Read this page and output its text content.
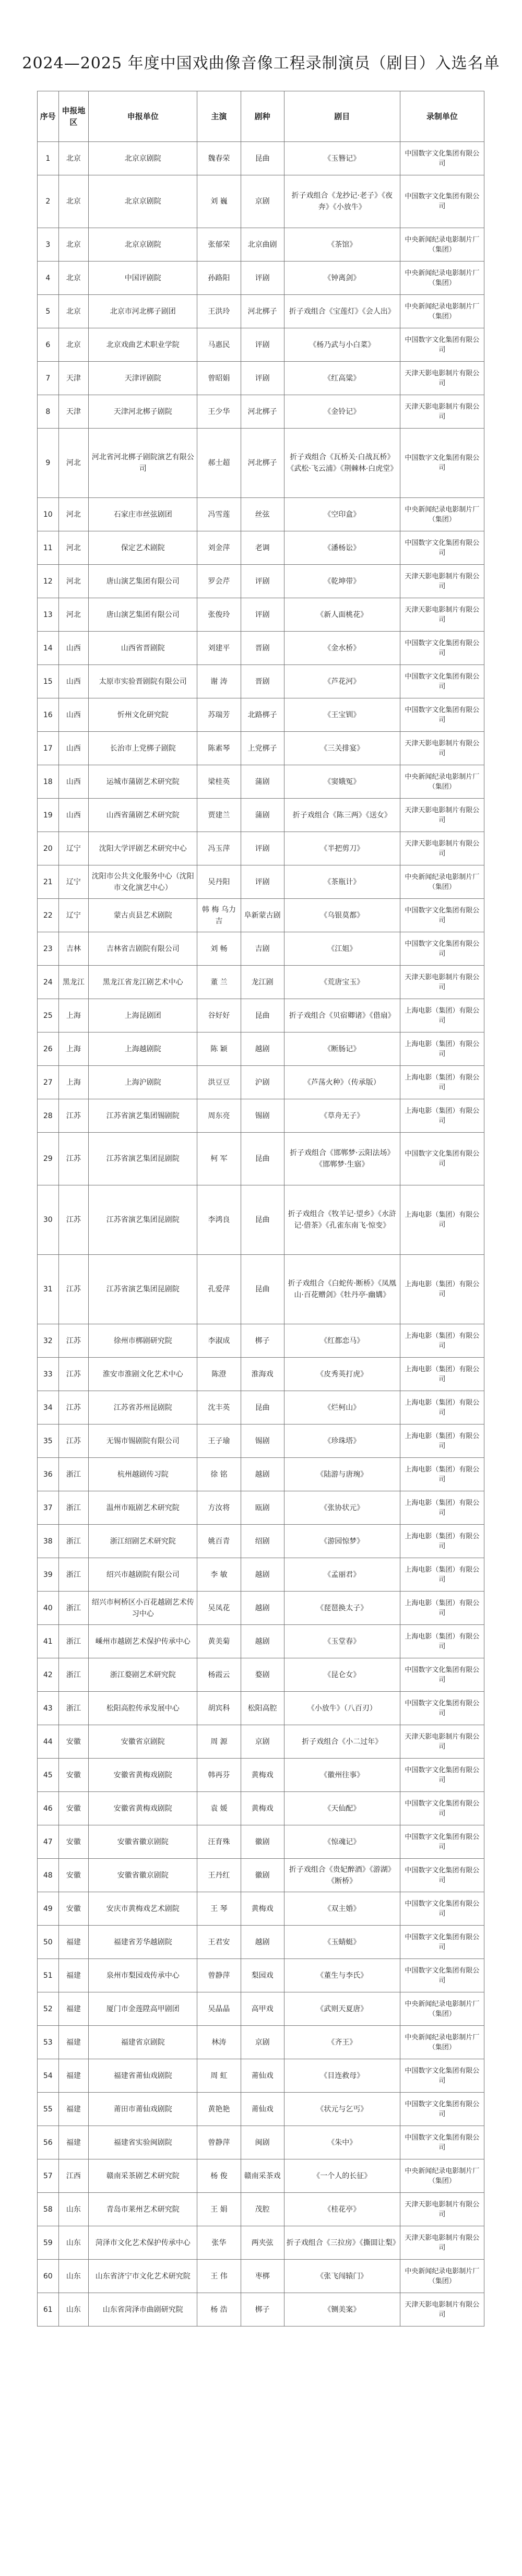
2024—2025 年度中国戏曲像音像工程录制演员（剧目）入选名单
序号	申报地区	申报单位	主演	剧种	剧目	录制单位
1	北京	北京京剧院	魏春荣	昆曲	《玉簪记》	中国数字文化集团有限公司
2	北京	北京京剧院	刘 巍	京剧	折子戏组合《龙抄记·老子》《夜奔》《小放牛》	中国数字文化集团有限公司
3	北京	北京京剧院	张郁荣	北京曲剧	《茶馆》	中央新闻纪录电影制片厂（集团）
4	北京	中国评剧院	孙路阳	评剧	《钟离剑》	中央新闻纪录电影制片厂（集团）
5	北京	北京市河北梆子剧团	王洪玲	河北梆子	折子戏组合《宝莲灯》《会人出》	中央新闻纪录电影制片厂（集团）
6	北京	北京戏曲艺术职业学院	马惠民	评剧	《杨乃武与小白菜》	中国数字文化集团有限公司
7	天津	天津评剧院	曾昭娟	评剧	《红高粱》	天津天影电影制片有限公司
8	天津	天津河北梆子剧院	王少华	河北梆子	《金铃记》	天津天影电影制片有限公司
9	河北	河北省河北梆子剧院演艺有限公司	郝士超	河北梆子	折子戏组合《瓦桥关·白战瓦桥》《武松·飞云浦》《荆棘林·白虎堂》	中国数字文化集团有限公司
10	河北	石家庄市丝弦剧团	冯雪莲	丝弦	《空印盒》	中央新闻纪录电影制片厂（集团）
11	河北	保定艺术剧院	刘金萍	老调	《潘杨讼》	中国数字文化集团有限公司
12	河北	唐山演艺集团有限公司	罗会芹	评剧	《乾坤带》	天津天影电影制片有限公司
13	河北	唐山演艺集团有限公司	张俊玲	评剧	《新人面桃花》	天津天影电影制片有限公司
14	山西	山西省晋剧院	刘建平	晋剧	《金水桥》	中国数字文化集团有限公司
15	山西	太原市实验晋剧院有限公司	谢 涛	晋剧	《芦花河》	中国数字文化集团有限公司
16	山西	忻州文化研究院	苏瑞芳	北路梆子	《王宝钏》	中国数字文化集团有限公司
17	山西	长治市上党梆子剧院	陈素琴	上党梆子	《三关排宴》	天津天影电影制片有限公司
18	山西	运城市蒲剧艺术研究院	梁桂英	蒲剧	《窦娥冤》	中央新闻纪录电影制片厂（集团）
19	山西	山西省蒲剧艺术研究院	贾建兰	蒲剧	折子戏组合《陈三两》《送女》	天津天影电影制片有限公司
20	辽宁	沈阳大学评剧艺术研究中心	冯玉萍	评剧	《半把剪刀》	天津天影电影制片有限公司
21	辽宁	沈阳市公共文化服务中心（沈阳市文化演艺中心）	吴丹阳	评剧	《茶瓶计》	中央新闻纪录电影制片厂（集团）
22	辽宁	蒙古贞县艺术剧院	韩 梅 乌力吉	阜新蒙古剧	《乌银莫都》	中国数字文化集团有限公司
23	吉林	吉林省吉剧院有限公司	刘 畅	吉剧	《江姐》	中国数字文化集团有限公司
24	黑龙江	黑龙江省龙江剧艺术中心	董 兰	龙江剧	《荒唐宝玉》	天津天影电影制片有限公司
25	上海	上海昆剧团	谷好好	昆曲	折子戏组合《贝宿卿诸》《借扇》	上海电影（集团）有限公司
26	上海	上海越剧院	陈 颖	越剧	《断肠记》	上海电影（集团）有限公司
27	上海	上海沪剧院	洪豆豆	沪剧	《芦荡火种》（传承版）	上海电影（集团）有限公司
28	江苏	江苏省演艺集团锡剧院	周东亮	锡剧	《草舟无子》	上海电影（集团）有限公司
29	江苏	江苏省演艺集团昆剧院	柯 军	昆曲	折子戏组合《邯郸梦·云阳法场》《邯郸梦·生寤》	中国数字文化集团有限公司
30	江苏	江苏省演艺集团昆剧院	李鸿良	昆曲	折子戏组合《牧羊记·望乡》《水浒记·借茶》《孔雀东南飞·惊变》	上海电影（集团）有限公司
31	江苏	江苏省演艺集团昆剧院	孔爱萍	昆曲	折子戏组合《白蛇传·断桥》《凤凰山·百花赠剑》《牡丹亭·幽媾》	上海电影（集团）有限公司
32	江苏	徐州市梆剧研究院	李淑成	梆子	《红都恋马》	上海电影（集团）有限公司
33	江苏	淮安市淮剧文化艺术中心	陈澄	淮海戏	《皮秀英打虎》	上海电影（集团）有限公司
34	江苏	江苏省苏州昆剧院	沈丰英	昆曲	《烂柯山》	上海电影（集团）有限公司
35	江苏	无锡市锡剧院有限公司	王子瑜	锡剧	《珍珠塔》	上海电影（集团）有限公司
36	浙江	杭州越剧传习院	徐 铭	越剧	《陆游与唐琬》	上海电影（集团）有限公司
37	浙江	温州市瓯剧艺术研究院	方汝将	瓯剧	《张协状元》	上海电影（集团）有限公司
38	浙江	浙江绍剧艺术研究院	姚百青	绍剧	《游园惊梦》	上海电影（集团）有限公司
39	浙江	绍兴市越剧院有限公司	李 敏	越剧	《孟丽君》	上海电影（集团）有限公司
40	浙江	绍兴市柯桥区小百花越剧艺术传习中心	吴凤花	越剧	《琵琶换太子》	上海电影（集团）有限公司
41	浙江	嵊州市越剧艺术保护传承中心	黄美菊	越剧	《玉堂春》	上海电影（集团）有限公司
42	浙江	浙江婺剧艺术研究院	杨霞云	婺剧	《昆仑女》	中国数字文化集团有限公司
43	浙江	松阳高腔传承发展中心	胡宾科	松阳高腔	《小放牛》（八百刃）	中国数字文化集团有限公司
44	安徽	安徽省京剧院	周 源	京剧	折子戏组合《小二过年》	天津天影电影制片有限公司
45	安徽	安徽省黄梅戏剧院	韩再芬	黄梅戏	《徽州往事》	中国数字文化集团有限公司
46	安徽	安徽省黄梅戏剧院	袁 媛	黄梅戏	《天仙配》	中国数字文化集团有限公司
47	安徽	安徽省徽京剧院	汪育殊	徽剧	《惊魂记》	中国数字文化集团有限公司
48	安徽	安徽省徽京剧院	王丹红	徽剧	折子戏组合《贵妃醉酒》《游湖》《断桥》	中国数字文化集团有限公司
49	安徽	安庆市黄梅戏艺术剧院	王 琴	黄梅戏	《双主婚》	中国数字文化集团有限公司
50	福建	福建省芳华越剧院	王君安	越剧	《玉蜻蜓》	中国数字文化集团有限公司
51	福建	泉州市梨园戏传承中心	曾静萍	梨园戏	《董生与李氏》	中国数字文化集团有限公司
52	福建	厦门市金莲陞高甲剧团	吴晶晶	高甲戏	《武则天夏唐》	中央新闻纪录电影制片厂（集团）
53	福建	福建省京剧院	林涛	京剧	《齐王》	中央新闻纪录电影制片厂（集团）
54	福建	福建省莆仙戏剧院	周 虹	莆仙戏	《目连救母》	中国数字文化集团有限公司
55	福建	莆田市莆仙戏剧院	黄艳艳	莆仙戏	《状元与乞丐》	中国数字文化集团有限公司
56	福建	福建省实验闽剧院	曾静萍	闽剧	《朱中》	中国数字文化集团有限公司
57	江西	赣南采茶剧艺术研究院	杨 俊	赣南采茶戏	《一个人的长征》	中央新闻纪录电影制片厂（集团）
58	山东	青岛市莱州艺术研究院	王 娟	茂腔	《桂花亭》	天津天影电影制片有限公司
59	山东	菏泽市文化艺术保护传承中心	张华	两夹弦	折子戏组合《三拉房》《撕囬让梨》	天津天影电影制片有限公司
60	山东	山东省济宁市文化艺术研究院	王 伟	枣梆	《张飞闯辕门》	中央新闻纪录电影制片厂（集团）
61	山东	山东省菏泽市曲剧研究院	杨 浩	梆子	《铡美案》	天津天影电影制片有限公司
